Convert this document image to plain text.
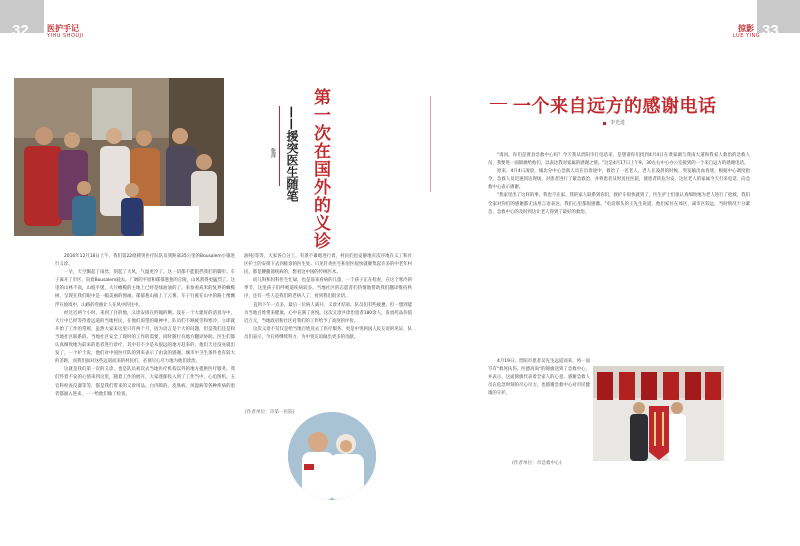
32 医护手记
YIHU SHOUJI
第一次在国外的义诊
——援突医生随笔
张洋
2016年12月18日上午，我们第22批援突医疗队队员到距离35公里的Bousalem小镇进行义诊。
一早，天空飘起了雨丝，刮起了大风，气温更冷了。这一切都不能阻挡我们的脚步。车子离开了市区，向着Bousalem驶去。广阔的平原和郁郁葱葱的丘陵，山风刮得更猛烈了。这里的山林不高，山坡平缓，大片橄榄的主地上已经是绿油油的了，来参看戒米的复界的橄榄树，呈现在我们眼中是一幅美丽的图画。郁郁葱山披上了云雾，车子行驶在山中的路上像飘浮在仙境中，山路的弯曲让人在风中的往中。
经过近两个小时，来到了目的地，义诊安排在约翰的剩。设在一个大建好的清真寺中，大厅中已经等待着远道的当地村民，在他们渴望的眼神中，队员们不顾疲劳和寒冷，立即就开始了工作的常规，虽然大家来这里只有两个月，因为语言是个大的问题，但是我们还是和当地社区联系的。当地社区安全了现时的工作的需要，同时随行有地方翻译协助。医生们都认真细致地为前来的患者进行诊疗，其中有不少是从很远的地方赶来的，他们天还没亮就出发了，一个护士说，他们对中国医疗队的到来表示了由衷的感谢。城市中卫生条件也有较大的差距，而我们面对这些远道而来的村民们，必须尽心尽力地为他们诊治。
这就是我们第一次的义诊，也是队员初次去当地医疗机构以外的地方提供医疗服务。我们怀着不安的心情来到这里，随着工作的展开，大家逐渐投入到了工作当中，心电图机、五官科检查仪器等等，都是我们带来的义诊用品。白内障的、皮肤病、风湿病等各种疾病的患者都涌入进来，一一给他们做了检查。
油吨)等等，大家各自分工，有条不紊地进行着，村民们也安静地有次序地在义工和社区护士的安排下去到推诊的医生处。只见针灸医生和里医很快就聚集起许多的中老年村民，都是腰腿部疾病的，想看这中国的传统医术。
而儿科和妇科医生忙碌，也是前来看病的儿童，一个孩子正在检查，在这个寒冷的季节，这里孩子们呼吸道疾病较多。当地社区的志愿者们热情地帮助我们翻译维持秩序，还有一些人是我们的老病人了，看到我们很亲切。
直到下午一点多，最后一位病人离开，义诊才结束。队员们有些疲惫，但一想到能为当地百姓带来健康，心中充满了喜悦。这次义诊共诊治患者180余人，发放药品价值近万元，当地政府和社区对我们的工作给予了高度的评价。
这次义诊不仅仅是给当地百姓送去了医疗服务，更是中突两国人民友谊的见证，队员们表示，今后将继续努力，为中突友谊做出更多的贡献。
(作者单位：市第一医院)
33
掠影
LUE YING
一个来自远方的感谢电话
李光进
"请问，你们是黄县急救中心吗？今天我从贵阳市打电话来，是想请你们找到4月4日在黄家湖与我南大道和我家人救治的急救人员，我要进一面锦旗给他们，以表达我对家属的感谢之情。"这是4月17日上午9、30左右中心办公室接到的一个来自远方的感谢电话。
原来，4月4日凌晨，城北分中心急救人员在出诊途中，救治了一名老人，老人在凌晨的时候，突发脑出血昏迷。根据中心调度指令，急救人员迅速到达现场，对患者进行了紧急救治，并将患者及时送往医院，使患者转危为安。这位老人的家属今天打来电话，向急救中心表示感谢。
"我家里出了这样的事，我也不在家，我的家人联系到你们，救护车很快就到了，医生护士们很认真细致地为老人进行了抢救，我们全家对你们的感谢都无法用言语表达，我们心里都很感激。"电话那头的王先生说道，他们家住在郊区，离市区较远，当时情况十分紧急，急救中心的及时到达让老人得到了最好的救治。
4月19日，贵阳市患者吴先生远道而来，将一面写有"救死扶伤、医德高尚"的锦旗送到了急救中心，并表示，这面锦旗代表着全家人的心意，感谢急救人员在危急时刻的尽心尽力，也感谢急救中心对市民健康的守护。
(作者单位：市急救中心)
